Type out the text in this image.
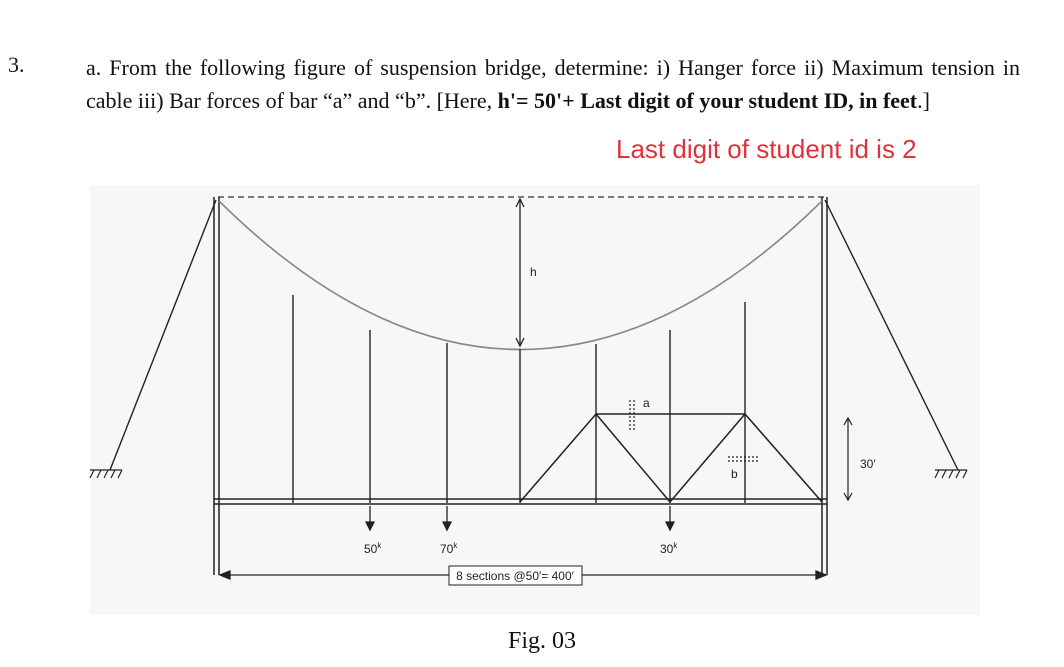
3.	a. From the following figure of suspension bridge, determine: i) Hanger force ii) Maximum tension in cable iii) Bar forces of bar “a” and “b”. [Here, h'= 50'+ Last digit of your student ID, in feet.]
Last digit of student id is 2
h
a
b
30′
50$^k$	70$^k$	30$^k$
8 sections @50′= 400′
Fig. 03
